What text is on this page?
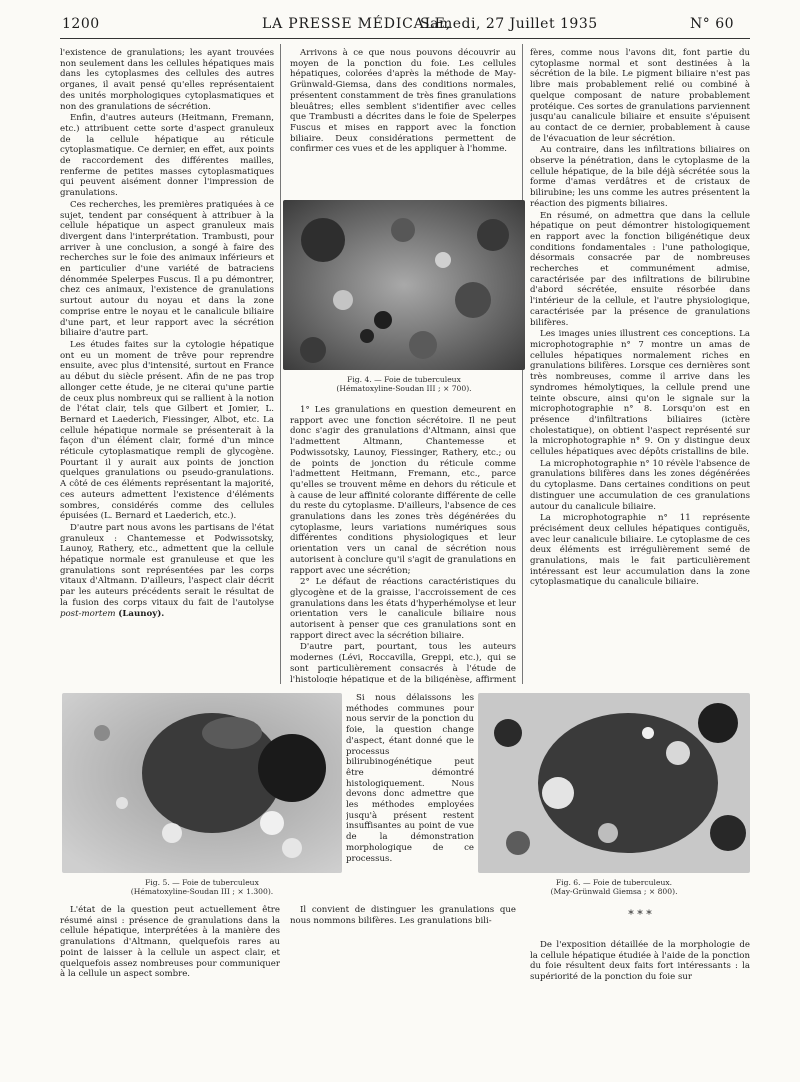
1200	LA PRESSE MÉDICALE,
Samedi, 27 Juillet 1935	N° 60

l'existence de granulations; les ayant trouvées non seulement dans les cellules hépatiques mais dans les cytoplasmes des cellules des autres organes, il avait pensé qu'elles représentaient des unités morphologiques cytoplasmatiques et non des granulations de sécrétion.

Enfin, d'autres auteurs (Heitmann, Fremann, etc.) attribuent cette sorte d'aspect granuleux de la cellule hépatique au réticule cytoplasmatique. Ce dernier, en effet, aux points de raccordement des différentes mailles, renferme de petites masses cytoplasmatiques qui peuvent aisément donner l'impression de granulations.

Ces recherches, les premières pratiquées à ce sujet, tendent par conséquent à attribuer à la cellule hépatique un aspect granuleux mais divergent dans l'interprétation. Trambusti, pour arriver à une conclusion, a songé à faire des recherches sur le foie des animaux inférieurs et en particulier d'une variété de batraciens dénommée Spelerpes Fuscus. Il a pu démontrer, chez ces animaux, l'existence de granulations surtout autour du noyau et dans la zone comprise entre le noyau et le canalicule biliaire d'une part, et leur rapport avec la sécrétion biliaire d'autre part.

Les études faites sur la cytologie hépatique ont eu un moment de trêve pour reprendre ensuite, avec plus d'intensité, surtout en France au début du siècle présent. Afin de ne pas trop allonger cette étude, je ne citerai qu'une partie de ceux plus nombreux qui se rallient à la notion de l'état clair, tels que Gilbert et Jomier, L. Bernard et Laederich, Fiessinger, Albot, etc. La cellule hépatique normale se présenterait à la façon d'un élément clair, formé d'un mince réticule cytoplasmatique rempli de glycogène. Pourtant il y aurait aux points de jonction quelques granulations ou pseudo-granulations. A côté de ces éléments représentant la majorité, ces auteurs admettent l'existence d'éléments sombres, considérés comme des cellules épuisées (L. Bernard et Laederich, etc.).

D'autre part nous avons les partisans de l'état granuleux : Chantemesse et Podwissotsky, Launoy, Rathery, etc., admettent que la cellule hépatique normale est granuleuse et que les granulations sont représentées par les corps vitaux d'Altmann. D'ailleurs, l'aspect clair décrit par les auteurs précédents serait le résultat de la fusion des corps vitaux du fait de l'autolyse post-mortem (Launoy).

Arrivons à ce que nous pouvons découvrir au moyen de la ponction du foie. Les cellules hépatiques, colorées d'après la méthode de May-Grünwald-Giemsa, dans des conditions normales, présentent constamment de très fines granulations bleuâtres; elles semblent s'identifier avec celles que Trambusti a décrites dans le foie de Spelerpes Fuscus et mises en rapport avec la fonction biliaire. Deux considérations permettent de confirmer ces vues et de les appliquer à l'homme.

Fig. 4. — Foie de tuberculeux
(Hématoxyline-Soudan III ; × 700).

1° Les granulations en question demeurent en rapport avec une fonction sécrétoire. Il ne peut donc s'agir des granulations d'Altmann, ainsi que l'admettent Altmann, Chantemesse et Podwissotsky, Launoy, Fiessinger, Rathery, etc.; ou de points de jonction du réticule comme l'admettent Heitmann, Fremann, etc., parce qu'elles se trouvent même en dehors du réticule et à cause de leur affinité colorante différente de celle du reste du cytoplasme. D'ailleurs, l'absence de ces granulations dans les zones très dégénérées du cytoplasme, leurs variations numériques sous différentes conditions physiologiques et leur orientation vers un canal de sécrétion nous autorisent à conclure qu'il s'agit de granulations en rapport avec une sécrétion;

2° Le défaut de réactions caractéristiques du glycogène et de la graisse, l'accroissement de ces granulations dans les états d'hyperhémolyse et leur orientation vers le canalicule biliaire nous autorisent à penser que ces granulations sont en rapport direct avec la sécrétion biliaire.

D'autre part, pourtant, tous les auteurs modernes (Lévi, Roccavilla, Greppi, etc.), qui se sont particulièrement consacrés à l'étude de l'histologie hépatique et de la biligénèse, affirment

fères, comme nous l'avons dit, font partie du cytoplasme normal et sont destinées à la sécrétion de la bile. Le pigment biliaire n'est pas libre mais probablement relié ou combiné à quelque composant de nature probablement protéique. Ces sortes de granulations parviennent jusqu'au canalicule biliaire et ensuite s'épuisent au contact de ce dernier, probablement à cause de l'évacuation de leur sécrétion.

Au contraire, dans les infiltrations biliaires on observe la pénétration, dans le cytoplasme de la cellule hépatique, de la bile déjà sécrétée sous la forme d'amas verdâtres et de cristaux de bilirubine; les uns comme les autres présentent la réaction des pigments biliaires.

En résumé, on admettra que dans la cellule hépatique on peut démontrer histologiquement en rapport avec la fonction biligénétique deux conditions fondamentales : l'une pathologique, désormais consacrée par de nombreuses recherches et communément admise, caractérisée par des infiltrations de bilirubine d'abord sécrétée, ensuite résorbée dans l'intérieur de la cellule, et l'autre physiologique, caractérisée par la présence de granulations bilifères.

Les images unies illustrent ces conceptions. La microphotographie n° 7 montre un amas de cellules hépatiques normalement riches en granulations bilifères. Lorsque ces dernières sont très nombreuses, comme il arrive dans les syndromes hémolytiques, la cellule prend une teinte obscure, ainsi qu'on le signale sur la microphotographie n° 8. Lorsqu'on est en présence d'infiltrations biliaires (ictère cholestatique), on obtient l'aspect représenté sur la microphotographie n° 9. On y distingue deux cellules hépatiques avec dépôts cristallins de bile.

La microphotographie n° 10 révèle l'absence de granulations bilifères dans les zones dégénérées du cytoplasme. Dans certaines conditions on peut distinguer une accumulation de ces granulations autour du canalicule biliaire.

La microphotographie n° 11 représente précisément deux cellules hépatiques contiguës, avec leur canalicule biliaire. Le cytoplasme de ces deux éléments est irrégulièrement semé de granulations, mais le fait particulièrement intéressant est leur accumulation dans la zone cytoplasmatique du canalicule biliaire.

Fig. 5. — Foie de tuberculeux
(Hématoxyline-Soudan III ; × 1.300).

Si nous délaissons les méthodes communes pour nous servir de la ponction du foie, la question change d'aspect, étant donné que le processus bilirubinogénétique peut être démontré histologiquement. Nous devons donc admettre que les méthodes employées jusqu'à présent restent insuffisantes au point de vue de la démonstration morphologique de ce processus.

Fig. 6. — Foie de tuberculeux.
(May-Grünwald Giemsa ; × 800).

L'état de la question peut actuellement être résumé ainsi : présence de granulations dans la cellule hépatique, interprétées à la manière des granulations d'Altmann, quelquefois rares au point de laisser à la cellule un aspect clair, et quelquefois assez nombreuses pour communiquer à la cellule un aspect sombre.

Il convient de distinguer les granulations que nous nommons bilifères. Les granulations bili-	* * *

De l'exposition détaillée de la morphologie de la cellule hépatique étudiée à l'aide de la ponction du foie résultent deux faits fort intéressants : la supériorité de la ponction du foie sur
